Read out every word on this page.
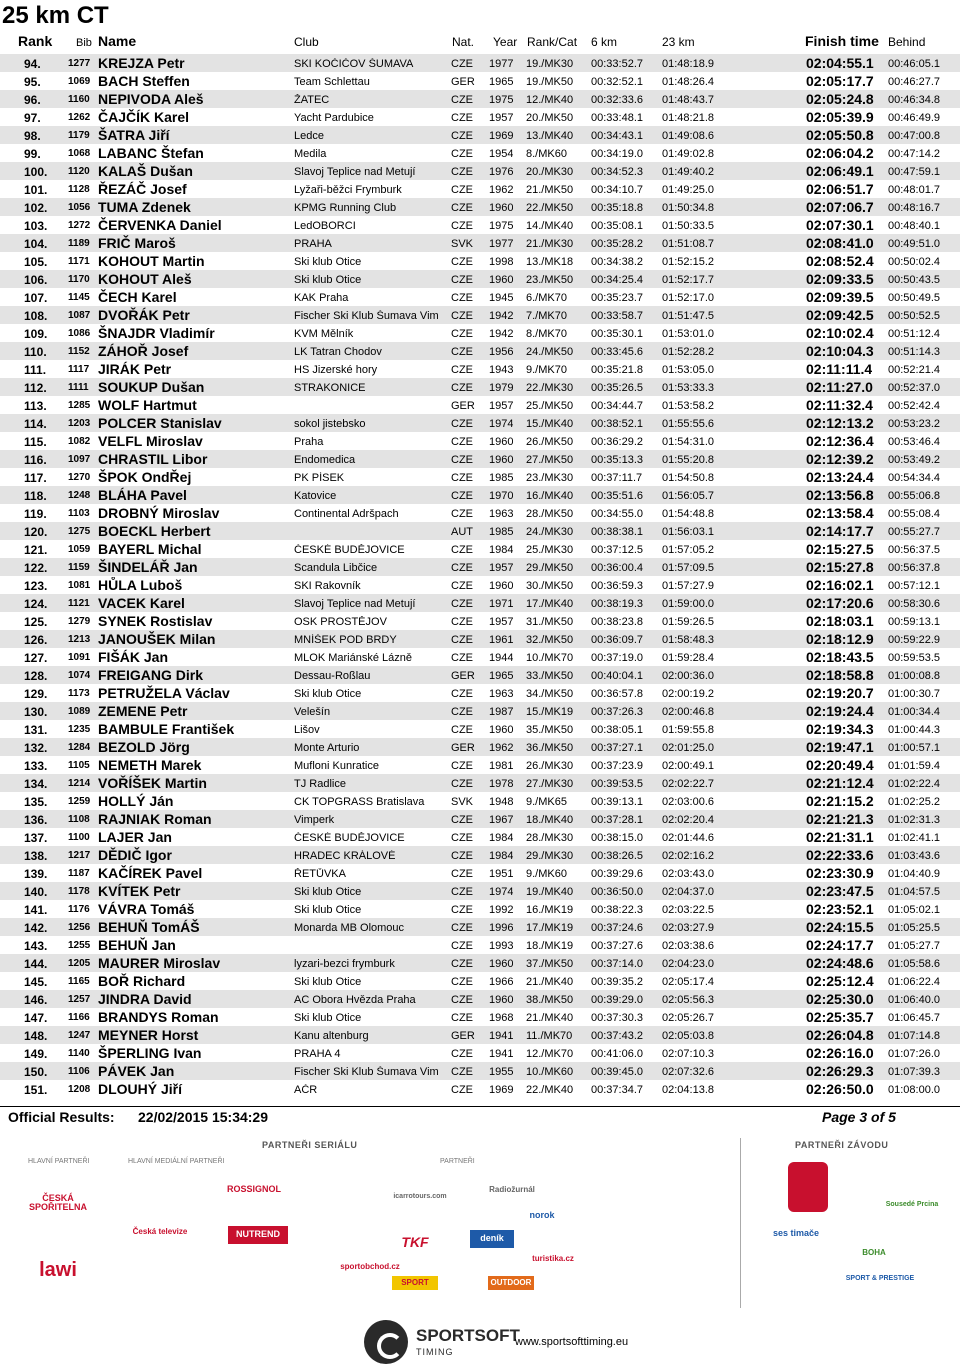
25 km CT
Rank Bib Name	Club	Nat. Year Rank/Cat 6 km	23 km	Finish time Behind
94.	1277 KREJZA Petr	SKI KOČIČOV ŠUMAVA	CZE 1977 19./MK30 00:33:52.7 01:48:18.9	02:04:55.1 00:46:05.1
95.	1069 BACH Steffen	Team Schlettau	GER 1965 19./MK50 00:32:52.1 01:48:26.4	02:05:17.7 00:46:27.7
96.	1160 NEPIVODA Aleš	ŽATEC	CZE 1975 12./MK40 00:32:33.6 01:48:43.7	02:05:24.8 00:46:34.8
97.	1262 ČAJČÍK Karel	Yacht Pardubice	CZE 1957 20./MK50 00:33:48.1 01:48:21.8	02:05:39.9 00:46:49.9
98.	1179 ŠATRA Jiří	Ledce	CZE 1969 13./MK40 00:34:43.1 01:49:08.6	02:05:50.8 00:47:00.8
99.	1068 LABANC Štefan	Medila	CZE 1954 8./MK60 00:34:19.0 01:49:02.8	02:06:04.2 00:47:14.2
100. 1120 KALAŠ Dušan	Slavoj Teplice nad Metují	CZE 1976 20./MK30 00:34:52.3 01:49:40.2	02:06:49.1 00:47:59.1
101. 1128 ŘEZÁČ Josef	Lyžaři-běžci Frymburk	CZE 1962 21./MK50 00:34:10.7 01:49:25.0	02:06:51.7 00:48:01.7
102. 1056 TUMA Zdenek	KPMG Running Club	CZE 1960 22./MK50 00:35:18.8 01:50:34.8	02:07:06.7 00:48:16.7
103. 1272 ČERVENKA Daniel	LedOBORCI	CZE 1975 14./MK40 00:35:08.1 01:50:33.5	02:07:30.1 00:48:40.1
104. 1189 FRIČ Maroš	PRAHA	SVK 1977 21./MK30 00:35:28.2 01:51:08.7	02:08:41.0 00:49:51.0
105. 1171 KOHOUT Martin	Ski klub Otice	CZE 1998 13./MK18 00:34:38.2 01:52:15.2	02:08:52.4 00:50:02.4
106. 1170 KOHOUT Aleš	Ski klub Otice	CZE 1960 23./MK50 00:34:25.4 01:52:17.7	02:09:33.5 00:50:43.5
107. 1145 ČECH Karel	KAK Praha	CZE 1945 6./MK70 00:35:23.7 01:52:17.0	02:09:39.5 00:50:49.5
108. 1087 DVOŘÁK Petr	Fischer Ski Klub Šumava Vim	CZE 1942 7./MK70 00:33:58.7 01:51:47.5	02:09:42.5 00:50:52.5
109. 1086 ŠNAJDR Vladimír	KVM Mělník	CZE 1942 8./MK70 00:35:30.1 01:53:01.0	02:10:02.4 00:51:12.4
110. 1152 ZÁHOŘ Josef	LK Tatran Chodov	CZE 1956 24./MK50 00:33:45.6 01:52:28.2	02:10:04.3 00:51:14.3
111. 1117 JIRÁK Petr	HS Jizerské hory	CZE 1943 9./MK70 00:35:21.8 01:53:05.0	02:11:11.4 00:52:21.4
112. 1111 SOUKUP Dušan	STRAKONICE	CZE 1979 22./MK30 00:35:26.5 01:53:33.3	02:11:27.0 00:52:37.0
113. 1285 WOLF Hartmut	GER 1957 25./MK50 00:34:44.7 01:53:58.2	02:11:32.4 00:52:42.4
114. 1203 POLCER Stanislav	sokol jistebsko	CZE 1974 15./MK40 00:38:52.1 01:55:55.6	02:12:13.2 00:53:23.2
115. 1082 VELFL Miroslav	Praha	CZE 1960 26./MK50 00:36:29.2 01:54:31.0	02:12:36.4 00:53:46.4
116. 1097 CHRASTIL Libor	Endomedica	CZE 1960 27./MK50 00:35:13.3 01:55:20.8	02:12:39.2 00:53:49.2
117. 1270 ŠPOK OndŘej	PK PÍSEK	CZE 1985 23./MK30 00:37:11.7 01:54:50.8	02:13:24.4 00:54:34.4
118. 1248 BLÁHA Pavel	Katovice	CZE 1970 16./MK40 00:35:51.6 01:56:05.7	02:13:56.8 00:55:06.8
119. 1103 DROBNÝ Miroslav	Continental Adršpach	CZE 1963 28./MK50 00:34:55.0 01:54:48.8	02:13:58.4 00:55:08.4
120. 1275 BOECKL Herbert	AUT 1985 24./MK30 00:38:38.1 01:56:03.1	02:14:17.7 00:55:27.7
121. 1059 BAYERL Michal	ČESKÉ BUDĚJOVICE	CZE 1984 25./MK30 00:37:12.5 01:57:05.2	02:15:27.5 00:56:37.5
122. 1159 ŠINDELÁŘ Jan	Scandula Libčice	CZE 1957 29./MK50 00:36:00.4 01:57:09.5	02:15:27.8 00:56:37.8
123. 1081 HŮLA Luboš	SKI Rakovník	CZE 1960 30./MK50 00:36:59.3 01:57:27.9	02:16:02.1 00:57:12.1
124. 1121 VACEK Karel	Slavoj Teplice nad Metují	CZE 1971 17./MK40 00:38:19.3 01:59:00.0	02:17:20.6 00:58:30.6
125. 1279 SYNEK Rostislav	OSK PROSTĚJOV	CZE 1957 31./MK50 00:38:23.8 01:59:26.5	02:18:03.1 00:59:13.1
126. 1213 JANOUŠEK Milan	MNÍŠEK POD BRDY	CZE 1961 32./MK50 00:36:09.7 01:58:48.3	02:18:12.9 00:59:22.9
127. 1091 FIŠÁK Jan	MLOK Mariánské Lázně	CZE 1944 10./MK70 00:37:19.0 01:59:28.4	02:18:43.5 00:59:53.5
128. 1074 FREIGANG Dirk	Dessau-Roßlau	GER 1965 33./MK50 00:40:04.1 02:00:36.0	02:18:58.8 01:00:08.8
129. 1173 PETRUŽELA Václav	Ski klub Otice	CZE 1963 34./MK50 00:36:57.8 02:00:19.2	02:19:20.7 01:00:30.7
130. 1089 ZEMENE Petr	Velešín	CZE 1987 15./MK19 00:37:26.3 02:00:46.8	02:19:24.4 01:00:34.4
131. 1235 BAMBULE František	Lišov	CZE 1960 35./MK50 00:38:05.1 01:59:55.8	02:19:34.3 01:00:44.3
132. 1284 BEZOLD Jörg	Monte Arturio	GER 1962 36./MK50 00:37:27.1 02:01:25.0	02:19:47.1 01:00:57.1
133. 1105 NEMETH Marek	Mufloni Kunratice	CZE 1981 26./MK30 00:37:23.9 02:00:49.1	02:20:49.4 01:01:59.4
134. 1214 VOŘÍŠEK Martin	TJ Radlice	CZE 1978 27./MK30 00:39:53.5 02:02:22.7	02:21:12.4 01:02:22.4
135. 1259 HOLLÝ Ján	CK TOPGRASS Bratislava	SVK 1948 9./MK65 00:39:13.1 02:03:00.6	02:21:15.2 01:02:25.2
136. 1108 RAJNIAK Roman	Vimperk	CZE 1967 18./MK40 00:37:28.1 02:02:20.4	02:21:21.3 01:02:31.3
137. 1100 LAJER Jan	ČESKÉ BUDĚJOVICE	CZE 1984 28./MK30 00:38:15.0 02:01:44.6	02:21:31.1 01:02:41.1
138. 1217 DĚDIČ Igor	HRADEC KRÁLOVÉ	CZE 1984 29./MK30 00:38:26.5 02:02:16.2	02:22:33.6 01:03:43.6
139. 1187 KAČÍREK Pavel	ŘETŮVKA	CZE 1951 9./MK60 00:39:29.6 02:03:43.0	02:23:30.9 01:04:40.9
140. 1178 KVÍTEK Petr	Ski klub Otice	CZE 1974 19./MK40 00:36:50.0 02:04:37.0	02:23:47.5 01:04:57.5
141. 1176 VÁVRA Tomáš	Ski klub Otice	CZE 1992 16./MK19 00:38:22.3 02:03:22.5	02:23:52.1 01:05:02.1
142. 1256 BEHUŇ TomÁŠ	Monarda MB Olomouc	CZE 1996 17./MK19 00:37:24.6 02:03:27.9	02:24:15.5 01:05:25.5
143. 1255 BEHUŇ Jan	CZE 1993 18./MK19 00:37:27.6 02:03:38.6	02:24:17.7 01:05:27.7
144. 1205 MAURER Miroslav	lyzari-bezci frymburk	CZE 1960 37./MK50 00:37:14.0 02:04:23.0	02:24:48.6 01:05:58.6
145. 1165 BOŘ Richard	Ski klub Otice	CZE 1966 21./MK40 00:39:35.2 02:05:17.4	02:25:12.4 01:06:22.4
146. 1257 JINDRA David	AC Obora Hvězda Praha	CZE 1960 38./MK50 00:39:29.0 02:05:56.3	02:25:30.0 01:06:40.0
147. 1166 BRANDYS Roman	Ski klub Otice	CZE 1968 21./MK40 00:37:30.3 02:05:26.7	02:25:35.7 01:06:45.7
148. 1247 MEYNER Horst	Kanu altenburg	GER 1941 11./MK70 00:37:43.2 02:05:03.8	02:26:04.8 01:07:14.8
149. 1140 ŠPERLING Ivan	PRAHA 4	CZE 1941 12./MK70 00:41:06.0 02:07:10.3	02:26:16.0 01:07:26.0
150. 1106 PÁVEK Jan	Fischer Ski Klub Šumava Vim	CZE 1955 10./MK60 00:39:45.0 02:07:32.6	02:26:29.3 01:07:39.3
151. 1208 DLOUHÝ Jiří	AČR	CZE 1969 22./MK40 00:37:34.7 02:04:13.8	02:26:50.0 01:08:00.0
Official Results: 22/02/2015 15:34:29	Page 3 of 5
PARTNEŘI SERIÁLU	PARTNEŘI ZÁVODU
HLAVNÍ PARTNEŘI	HLAVNÍ MEDIÁLNÍ PARTNEŘI	PARTNEŘI
ČESKÁ SPOŘITELNA
lawi
ROSSIGNOL
Česká televize	NUTREND
Radiožurnál
norok
deník
TKF
OUTDOOR
sportobchod.cz
SPORT
icarrotours.com
turistika.cz
ses timače
SPORT & PRESTIGE
BOHA
Sousedé Prcina
SPORTSOFT
TIMING
www.sportsofttiming.eu
